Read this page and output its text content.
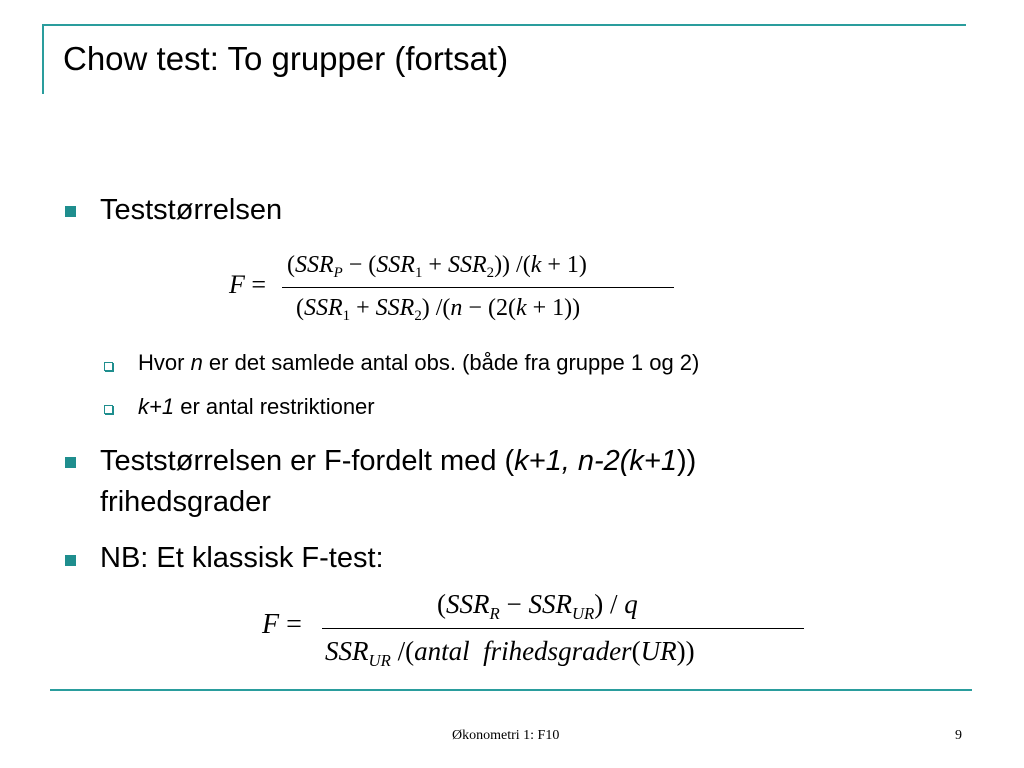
Chow test: To grupper (fortsat)
Teststørrelsen
F =
$(SSR_P - (SSR_1 + SSR_2)) /(k + 1)$
$(SSR_1 + SSR_2) /(n - (2(k + 1))$
Hvor n er det samlede antal obs. (både fra gruppe 1 og 2)
k+1 er antal restriktioner
Teststørrelsen er F-fordelt med (k+1, n-2(k+1))
frihedsgrader
NB: Et klassisk F-test:
F =
$(SSR_R - SSR_{UR}) / q$
$SSR_{UR}$ /(antal  frihedsgrader(UR))
Økonometri 1: F10	9
